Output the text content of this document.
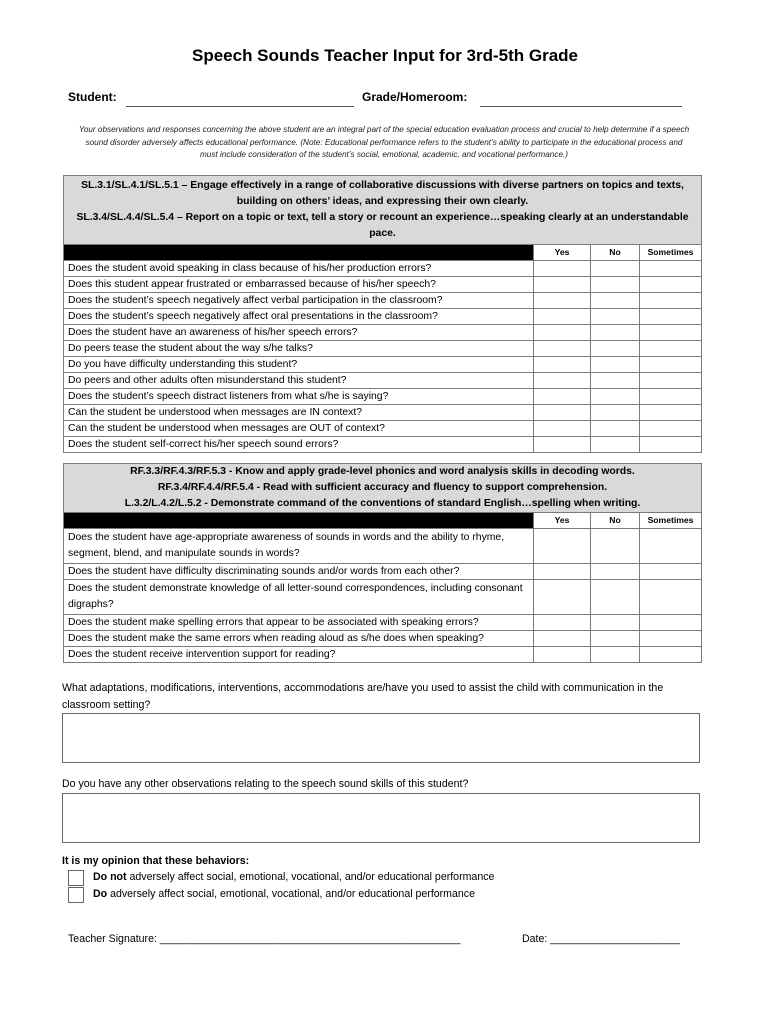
Speech Sounds Teacher Input for 3rd-5th Grade
Student:	Grade/Homeroom:
Your observations and responses concerning the above student are an integral part of the special education evaluation process and crucial to help determine if a speech sound disorder adversely affects educational performance. (Note: Educational performance refers to the student’s ability to participate in the educational process and must include consideration of the student’s social, emotional, academic, and vocational performance.)
SL.3.1/SL.4.1/SL.5.1 – Engage effectively in a range of collaborative discussions with diverse partners on topics and texts, building on others’ ideas, and expressing their own clearly.
SL.3.4/SL.4.4/SL.5.4 – Report on a topic or text, tell a story or recount an experience…speaking clearly at an understandable pace.			

	Yes	No	Sometimes
Does the student avoid speaking in class because of his/her production errors?			
Does this student appear frustrated or embarrassed because of his/her speech?			
Does the student’s speech negatively affect verbal participation in the classroom?			
Does the student’s speech negatively affect oral presentations in the classroom?			
Does the student have an awareness of his/her speech errors?			
Do peers tease the student about the way s/he talks?			
Do you have difficulty understanding this student?			
Do peers and other adults often misunderstand this student?			
Does the student’s speech distract listeners from what s/he is saying?			
Can the student be understood when messages are IN context?			
Can the student be understood when messages are OUT of context?			
Does the student self-correct his/her speech sound errors?			
RF.3.3/RF.4.3/RF.5.3 - Know and apply grade-level phonics and word analysis skills in decoding words.
RF.3.4/RF.4.4/RF.5.4 - Read with sufficient accuracy and fluency to support comprehension.
L.3.2/L.4.2/L.5.2 - Demonstrate command of the conventions of standard English…spelling when writing.			

	Yes	No	Sometimes
Does the student have age-appropriate awareness of sounds in words and the ability to rhyme, segment, blend, and manipulate sounds in words?			
Does the student have difficulty discriminating sounds and/or words from each other?			
Does the student demonstrate knowledge of all letter-sound correspondences, including consonant digraphs?			
Does the student make spelling errors that appear to be associated with speaking errors?			
Does the student make the same errors when reading aloud as s/he does when speaking?			
Does the student receive intervention support for reading?			
What adaptations, modifications, interventions, accommodations are/have you used to assist the child with communication in the classroom setting?
Do you have any other observations relating to the speech sound skills of this student?
It is my opinion that these behaviors:
Do not adversely affect social, emotional, vocational, and/or educational performance
Do adversely affect social, emotional, vocational, and/or educational performance
Teacher Signature: ___________________________________________________	Date: ______________________
